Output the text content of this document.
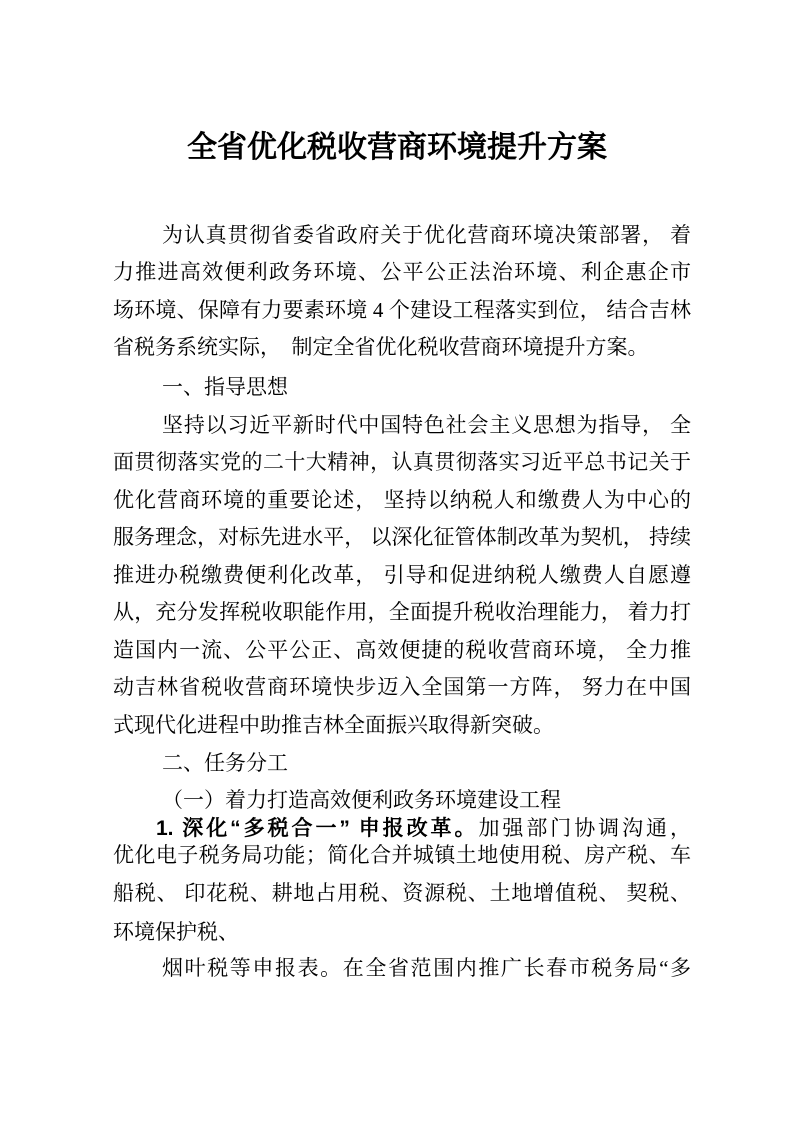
全省优化税收营商环境提升方案
为认真贯彻省委省政府关于优化营商环境决策部署， 着
力推进高效便利政务环境、公平公正法治环境、利企惠企市
场环境、保障有力要素环境 4 个建设工程落实到位， 结合吉林
省税务系统实际，　制定全省优化税收营商环境提升方案。
一、指导思想
坚持以习近平新时代中国特色社会主义思想为指导， 全
面贯彻落实党的二十大精神，认真贯彻落实习近平总书记关于
优化营商环境的重要论述， 坚持以纳税人和缴费人为中心的
服务理念，对标先进水平， 以深化征管体制改革为契机， 持续
推进办税缴费便利化改革， 引导和促进纳税人缴费人自愿遵
从，充分发挥税收职能作用，全面提升税收治理能力， 着力打
造国内一流、公平公正、高效便捷的税收营商环境， 全力推
动吉林省税收营商环境快步迈入全国第一方阵， 努力在中国
式现代化进程中助推吉林全面振兴取得新突破。
二、任务分工
（一）着力打造高效便利政务环境建设工程
1. 深化“多税合一” 申报改革。加强部门协调沟通，
优化电子税务局功能；简化合并城镇土地使用税、房产税、车
船税、 印花税、耕地占用税、资源税、土地增值税、 契税、
环境保护税、
烟叶税等申报表。在全省范围内推广长春市税务局“多
